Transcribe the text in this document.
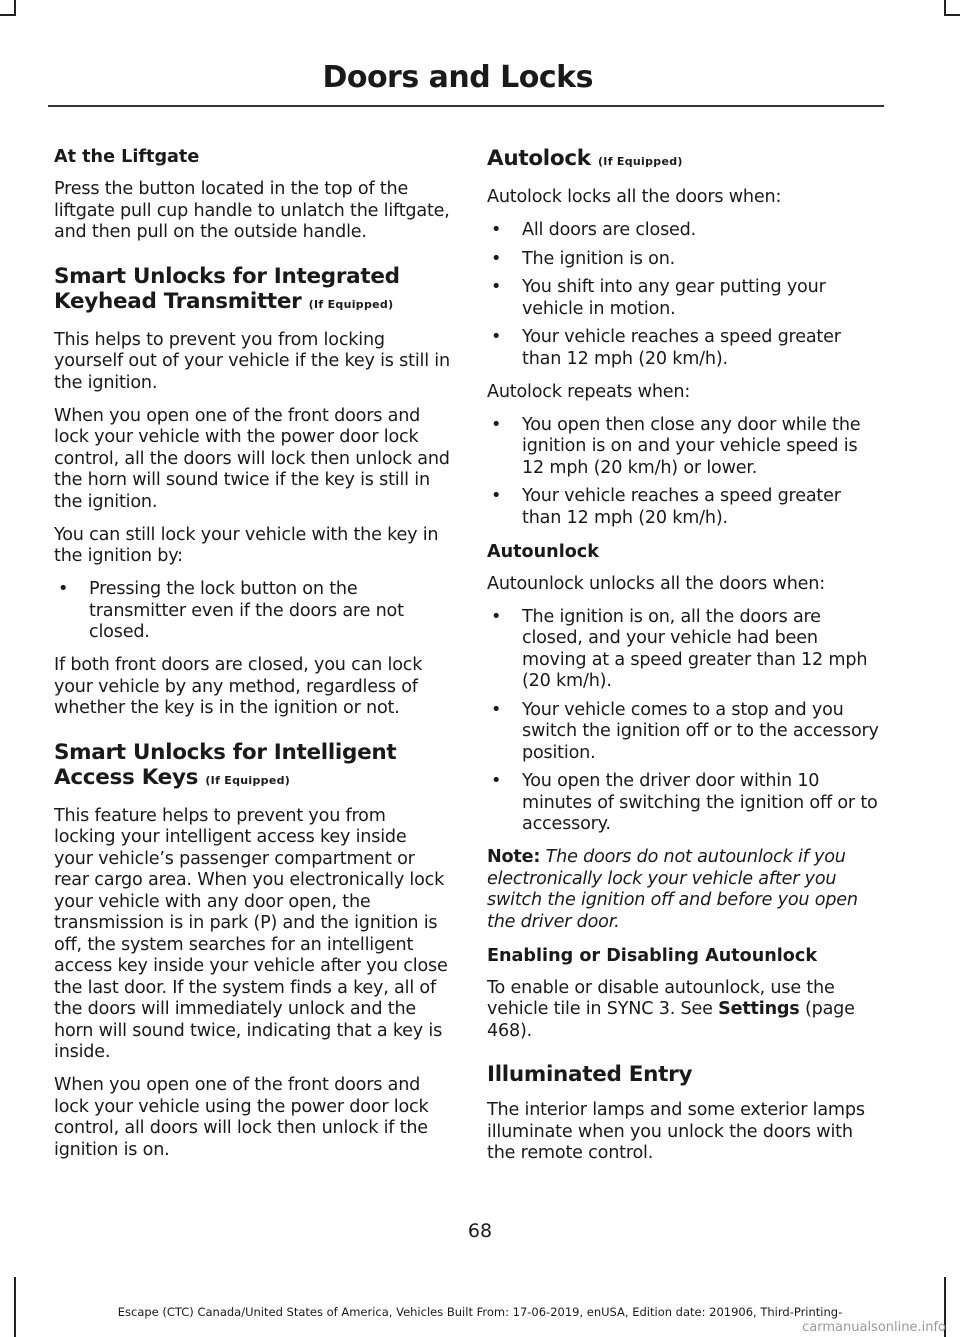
Doors and Locks
At the Liftgate

Press the button located in the top of the liftgate pull cup handle to unlatch the liftgate, and then pull on the outside handle.

Smart Unlocks for Integrated Keyhead Transmitter (If Equipped)

This helps to prevent you from locking yourself out of your vehicle if the key is still in the ignition.

When you open one of the front doors and lock your vehicle with the power door lock control, all the doors will lock then unlock and the horn will sound twice if the key is still in the ignition.

You can still lock your vehicle with the key in the ignition by:

• Pressing the lock button on the transmitter even if the doors are not closed.

If both front doors are closed, you can lock your vehicle by any method, regardless of whether the key is in the ignition or not.

Smart Unlocks for Intelligent Access Keys (If Equipped)

This feature helps to prevent you from locking your intelligent access key inside your vehicle’s passenger compartment or rear cargo area. When you electronically lock your vehicle with any door open, the transmission is in park (P) and the ignition is off, the system searches for an intelligent access key inside your vehicle after you close the last door. If the system finds a key, all of the doors will immediately unlock and the horn will sound twice, indicating that a key is inside.

When you open one of the front doors and lock your vehicle using the power door lock control, all doors will lock then unlock if the ignition is on.

Autolock (If Equipped)

Autolock locks all the doors when:

• All doors are closed.
• The ignition is on.
• You shift into any gear putting your vehicle in motion.
• Your vehicle reaches a speed greater than 12 mph (20 km/h).

Autolock repeats when:

• You open then close any door while the ignition is on and your vehicle speed is 12 mph (20 km/h) or lower.
• Your vehicle reaches a speed greater than 12 mph (20 km/h).
Autounlock

Autounlock unlocks all the doors when:

• The ignition is on, all the doors are closed, and your vehicle had been moving at a speed greater than 12 mph (20 km/h).
• Your vehicle comes to a stop and you switch the ignition off or to the accessory position.
• You open the driver door within 10 minutes of switching the ignition off or to accessory.

Note: The doors do not autounlock if you electronically lock your vehicle after you switch the ignition off and before you open the driver door.

Enabling or Disabling Autounlock

To enable or disable autounlock, use the vehicle tile in SYNC 3. See Settings (page 468).

Illuminated Entry

The interior lamps and some exterior lamps illuminate when you unlock the doors with the remote control.

68
Escape (CTC) Canada/United States of America, Vehicles Built From: 17-06-2019, enUSA, Edition date: 201906, Third-Printing-
carmanualsonline.info
